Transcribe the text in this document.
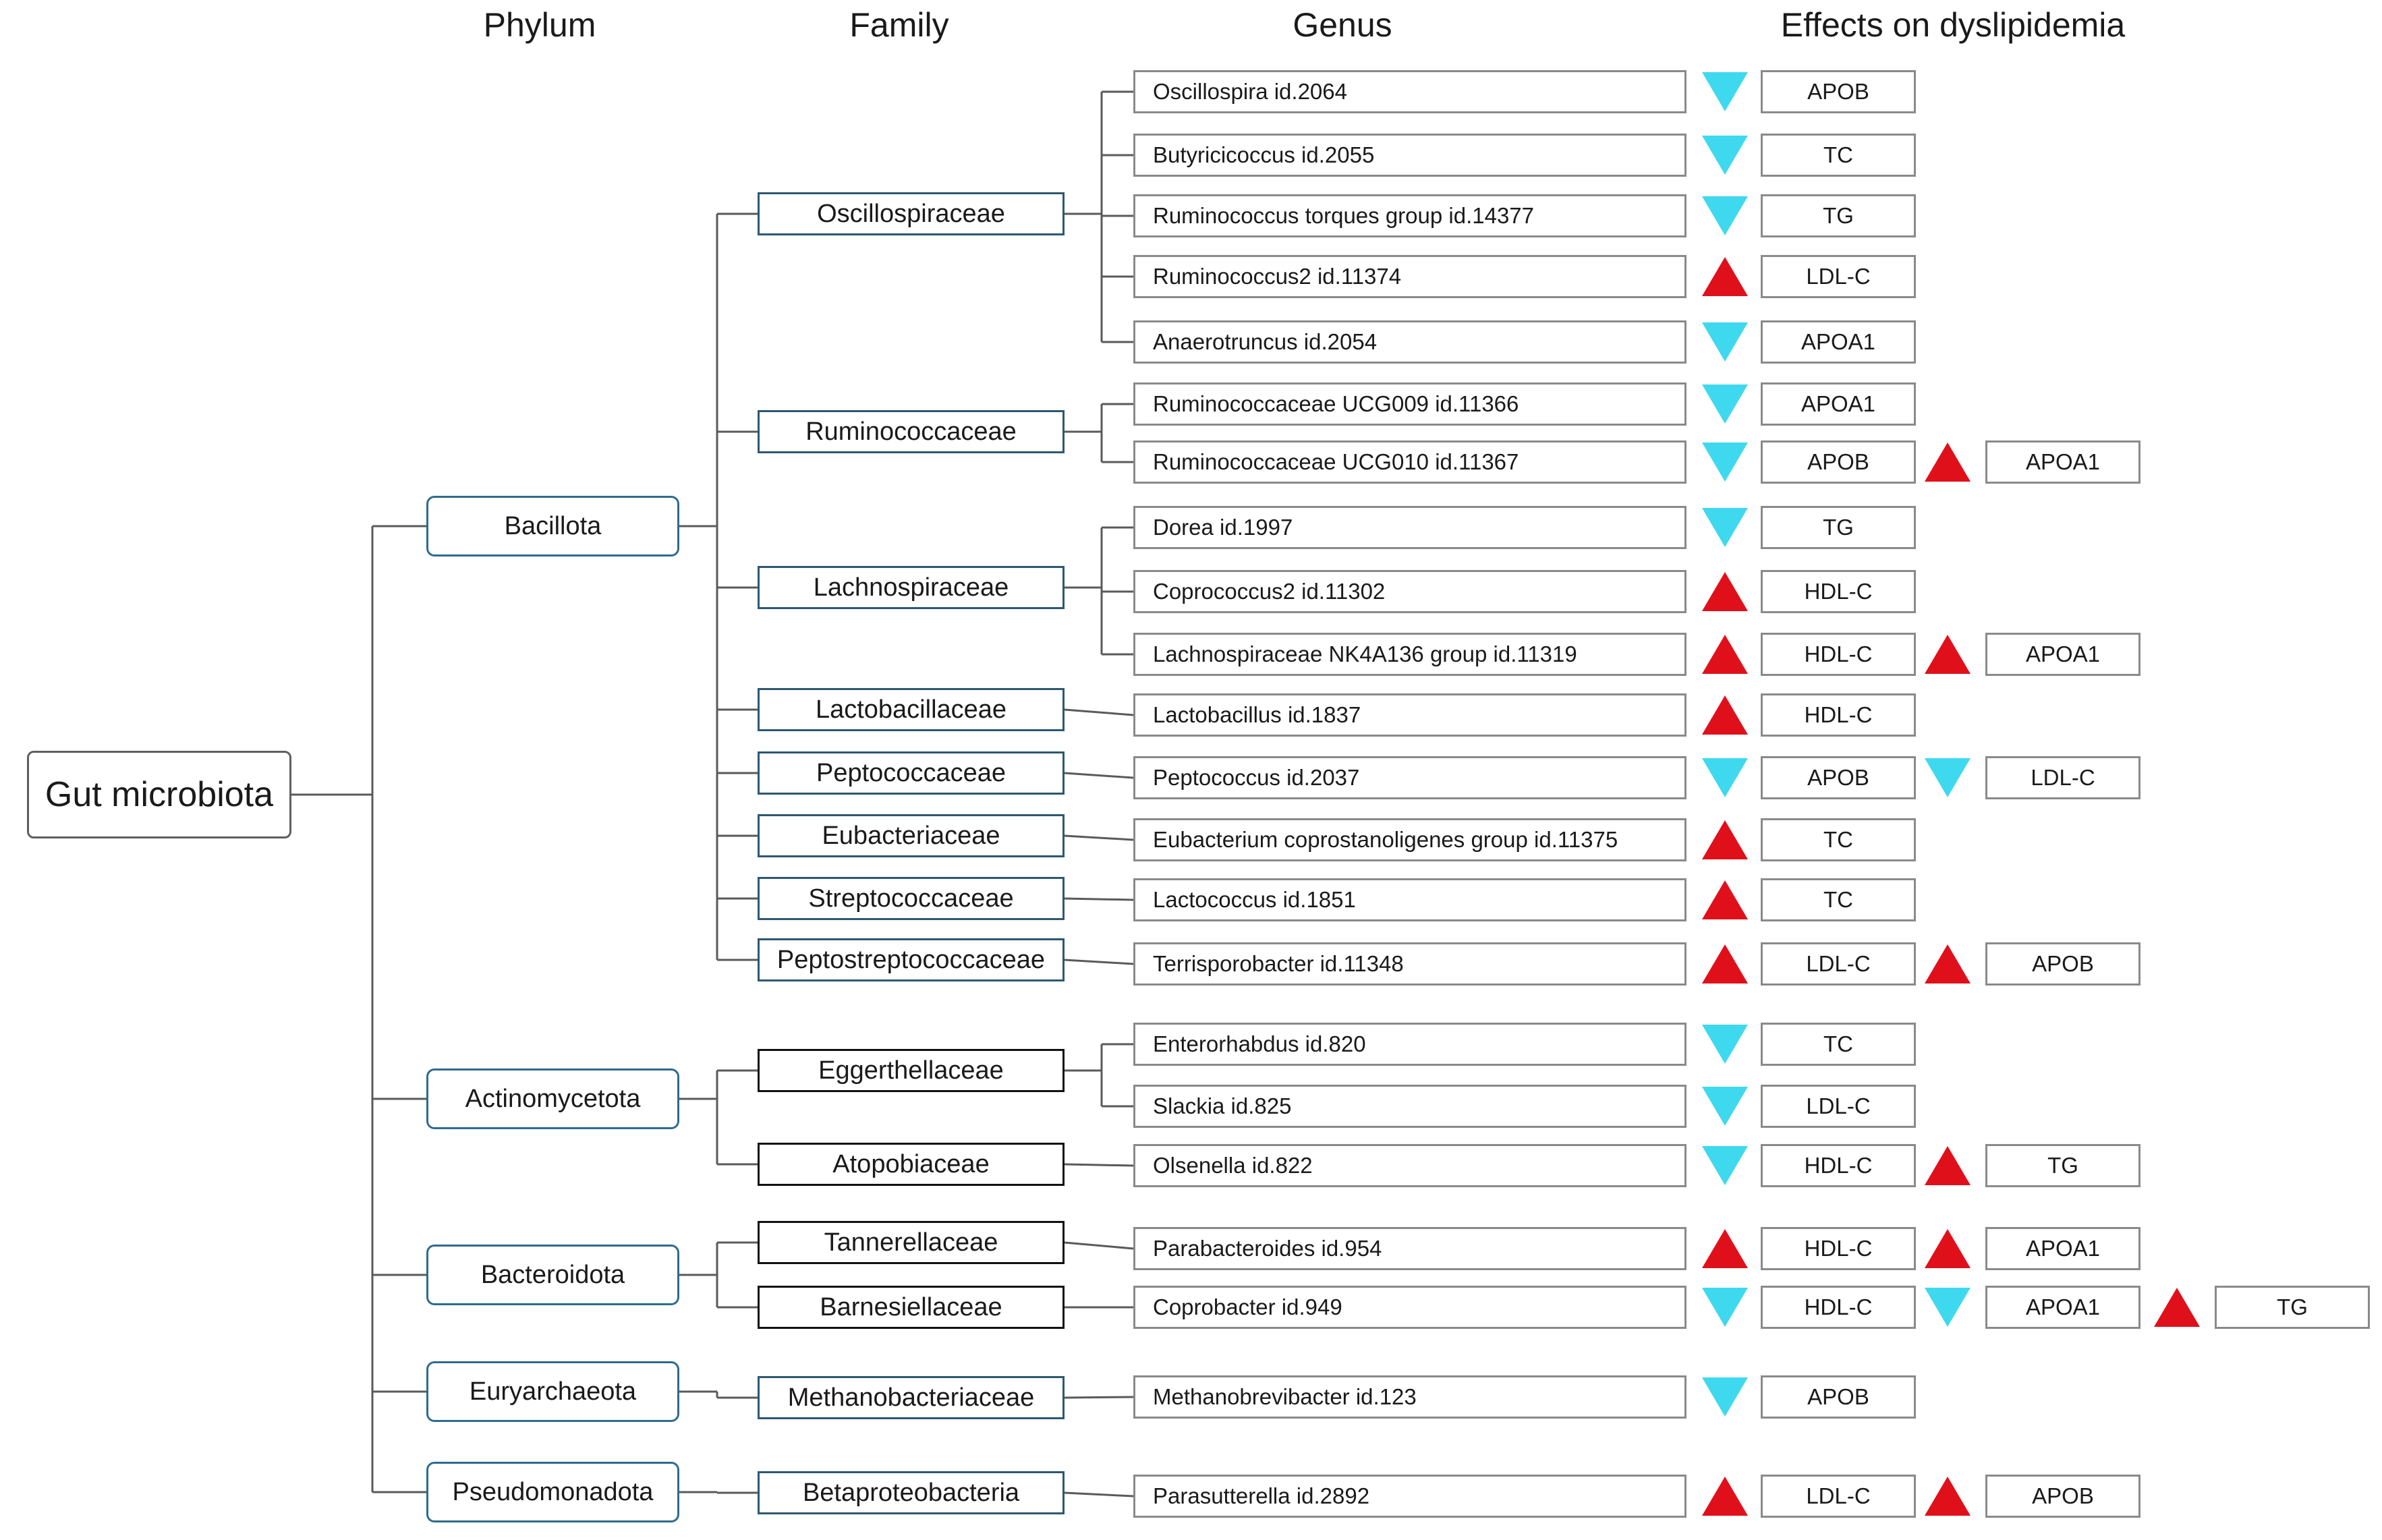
Phylum	Family	Genus	Effects on dyslipidemia
Gut microbiota
Bacillota
Oscillospiraceae
Oscillospira id.2064	APOB
Butyricicoccus id.2055	TC
Ruminococcus torques group id.14377	TG
Ruminococcus2 id.11374	LDL-C
Anaerotruncus id.2054	APOA1
Ruminococcaceae
Ruminococcaceae UCG009 id.11366	APOA1
Ruminococcaceae UCG010 id.11367	APOB	APOA1
Lachnospiraceae
Dorea id.1997	TG
Coprococcus2 id.11302	HDL-C
Lachnospiraceae NK4A136 group id.11319	HDL-C	APOA1
Lactobacillaceae	Lactobacillus id.1837	HDL-C
Peptococcaceae	Peptococcus id.2037	APOB	LDL-C
Eubacteriaceae	Eubacterium coprostanoligenes group id.11375	TC
Streptococcaceae	Lactococcus id.1851	TC
Peptostreptococcaceae	Terrisporobacter id.11348	LDL-C	APOB
Actinomycetota
Eggerthellaceae
Enterorhabdus id.820	TC
Slackia id.825	LDL-C
Atopobiaceae	Olsenella id.822	HDL-C	TG
Bacteroidota
Tannerellaceae	Parabacteroides id.954	HDL-C	APOA1
Barnesiellaceae	Coprobacter id.949	HDL-C	APOA1	TG
Euryarchaeota	Methanobacteriaceae	Methanobrevibacter id.123	APOB
Pseudomonadota	Betaproteobacteria	Parasutterella id.2892	LDL-C	APOB
